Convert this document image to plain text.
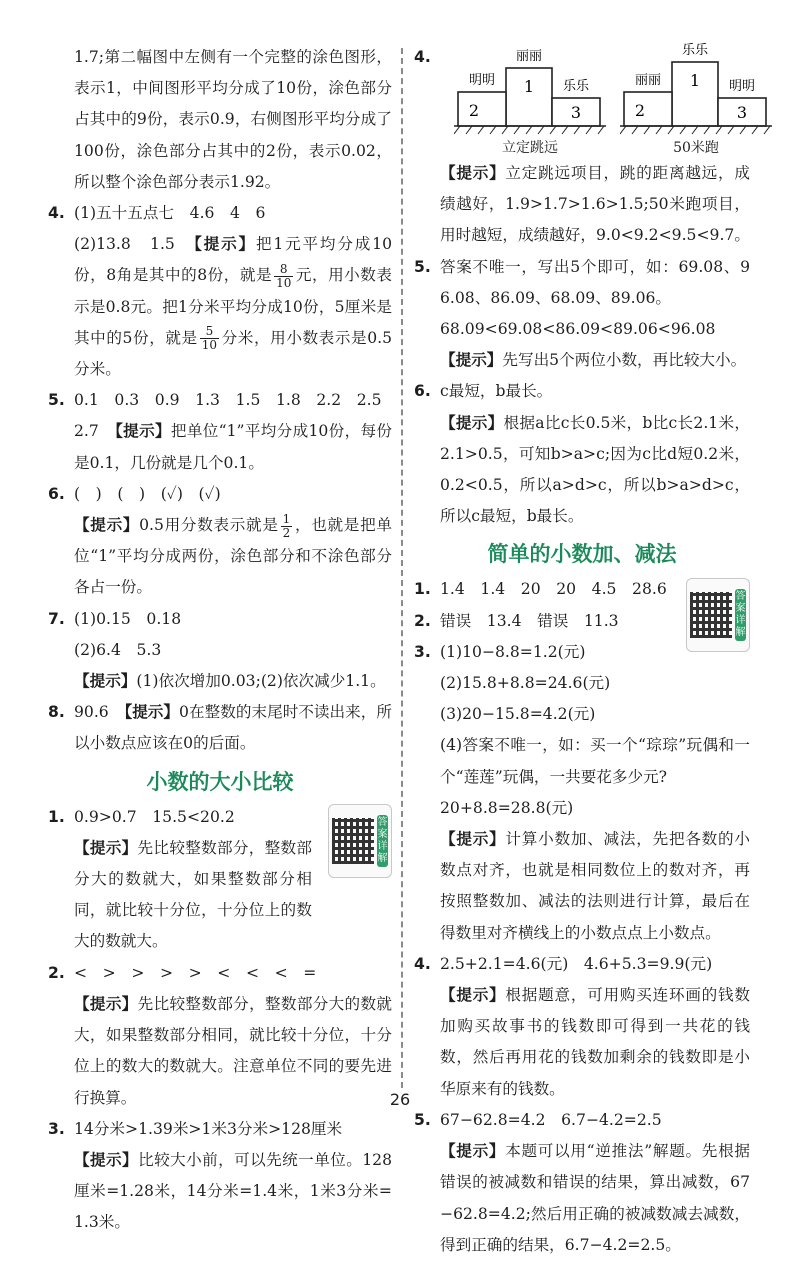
1.7;第二幅图中左侧有一个完整的涂色图形，表示1，中间图形平均分成了10份，涂色部分占其中的9份，表示0.9，右侧图形平均分成了100份，涂色部分占其中的2份，表示0.02，所以整个涂色部分表示1.92。

4. (1)五十五点七　4.6　4　6

(2)13.8　1.5　【提示】把1元平均分成10份，8角是其中的8份，就是 $\frac{8}{10}$ 元，用小数表示是0.8元。把1分米平均分成10份，5厘米是其中的5份，就是 $\frac{5}{10}$ 分米，用小数表示是0.5分米。

5. 0.1　0.3　0.9　1.3　1.5　1.8　2.2　2.5

2.7　【提示】把单位“1”平均分成10份，每份是0.1，几份就是几个0.1。

6. (　)　(　)　(✓)　(✓)

【提示】0.5用分数表示就是 $\frac{1}{2}$ ，也就是把单位“1”平均分成两份，涂色部分和不涂色部分各占一份。

7. (1)0.15　0.18

(2)6.4　5.3

【提示】(1)依次增加0.03;(2)依次减少1.1。

8. 90.6　【提示】0在整数的末尾时不读出来，所以小数点应该在0的后面。

小数的大小比较
1. 0.9>0.7　15.5<20.2

【提示】先比较整数部分，整数部分大的数就大，如果整数部分相同，就比较十分位，十分位上的数大的数就大。

答
案
详
解
2. <　>　>　>　>　<　<　<　=

【提示】先比较整数部分，整数部分大的数就大，如果整数部分相同，就比较十分位，十分位上的数大的数就大。注意单位不同的要先进行换算。

3. 14分米>1.39米>1米3分米>128厘米

【提示】比较大小前，可以先统一单位。128厘米=1.28米，14分米=1.4米，1米3分米=1.3米。

4.	丽丽
明明	乐乐
1
2	3
立定跳远
乐乐
丽丽	明明
1
2	3
50米跑

【提示】立定跳远项目，跳的距离越远，成绩越好，1.9>1.7>1.6>1.5;50米跑项目，用时越短，成绩越好，9.0<9.2<9.5<9.7。

5. 答案不唯一，写出5个即可，如：69.08、96.08、86.09、68.09、89.06。

68.09<69.08<86.09<89.06<96.08

【提示】先写出5个两位小数，再比较大小。

6. c最短，b最长。

【提示】根据a比c长0.5米，b比c长2.1米，2.1>0.5，可知b>a>c;因为c比d短0.2米，0.2<0.5，所以a>d>c，所以b>a>d>c，所以c最短，b最长。

简单的小数加、减法
答
案
详
解
1. 1.4　1.4　20　20　4.5　28.6

2. 错误　13.4　错误　11.3

3. (1)10−8.8=1.2(元)

(2)15.8+8.8=24.6(元)

(3)20−15.8=4.2(元)

(4)答案不唯一，如：买一个“琮琮”玩偶和一个“莲莲”玩偶，一共要花多少元?

20+8.8=28.8(元)

【提示】计算小数加、减法，先把各数的小数点对齐，也就是相同数位上的数对齐，再按照整数加、减法的法则进行计算，最后在得数里对齐横线上的小数点点上小数点。

4. 2.5+2.1=4.6(元)　4.6+5.3=9.9(元)

【提示】根据题意，可用购买连环画的钱数加购买故事书的钱数即可得到一共花的钱数，然后再用花的钱数加剩余的钱数即是小华原来有的钱数。

5. 67−62.8=4.2　6.7−4.2=2.5

【提示】本题可以用“逆推法”解题。先根据错误的被减数和错误的结果，算出减数，67−62.8=4.2;然后用正确的被减数减去减数，得到正确的结果，6.7−4.2=2.5。

26
